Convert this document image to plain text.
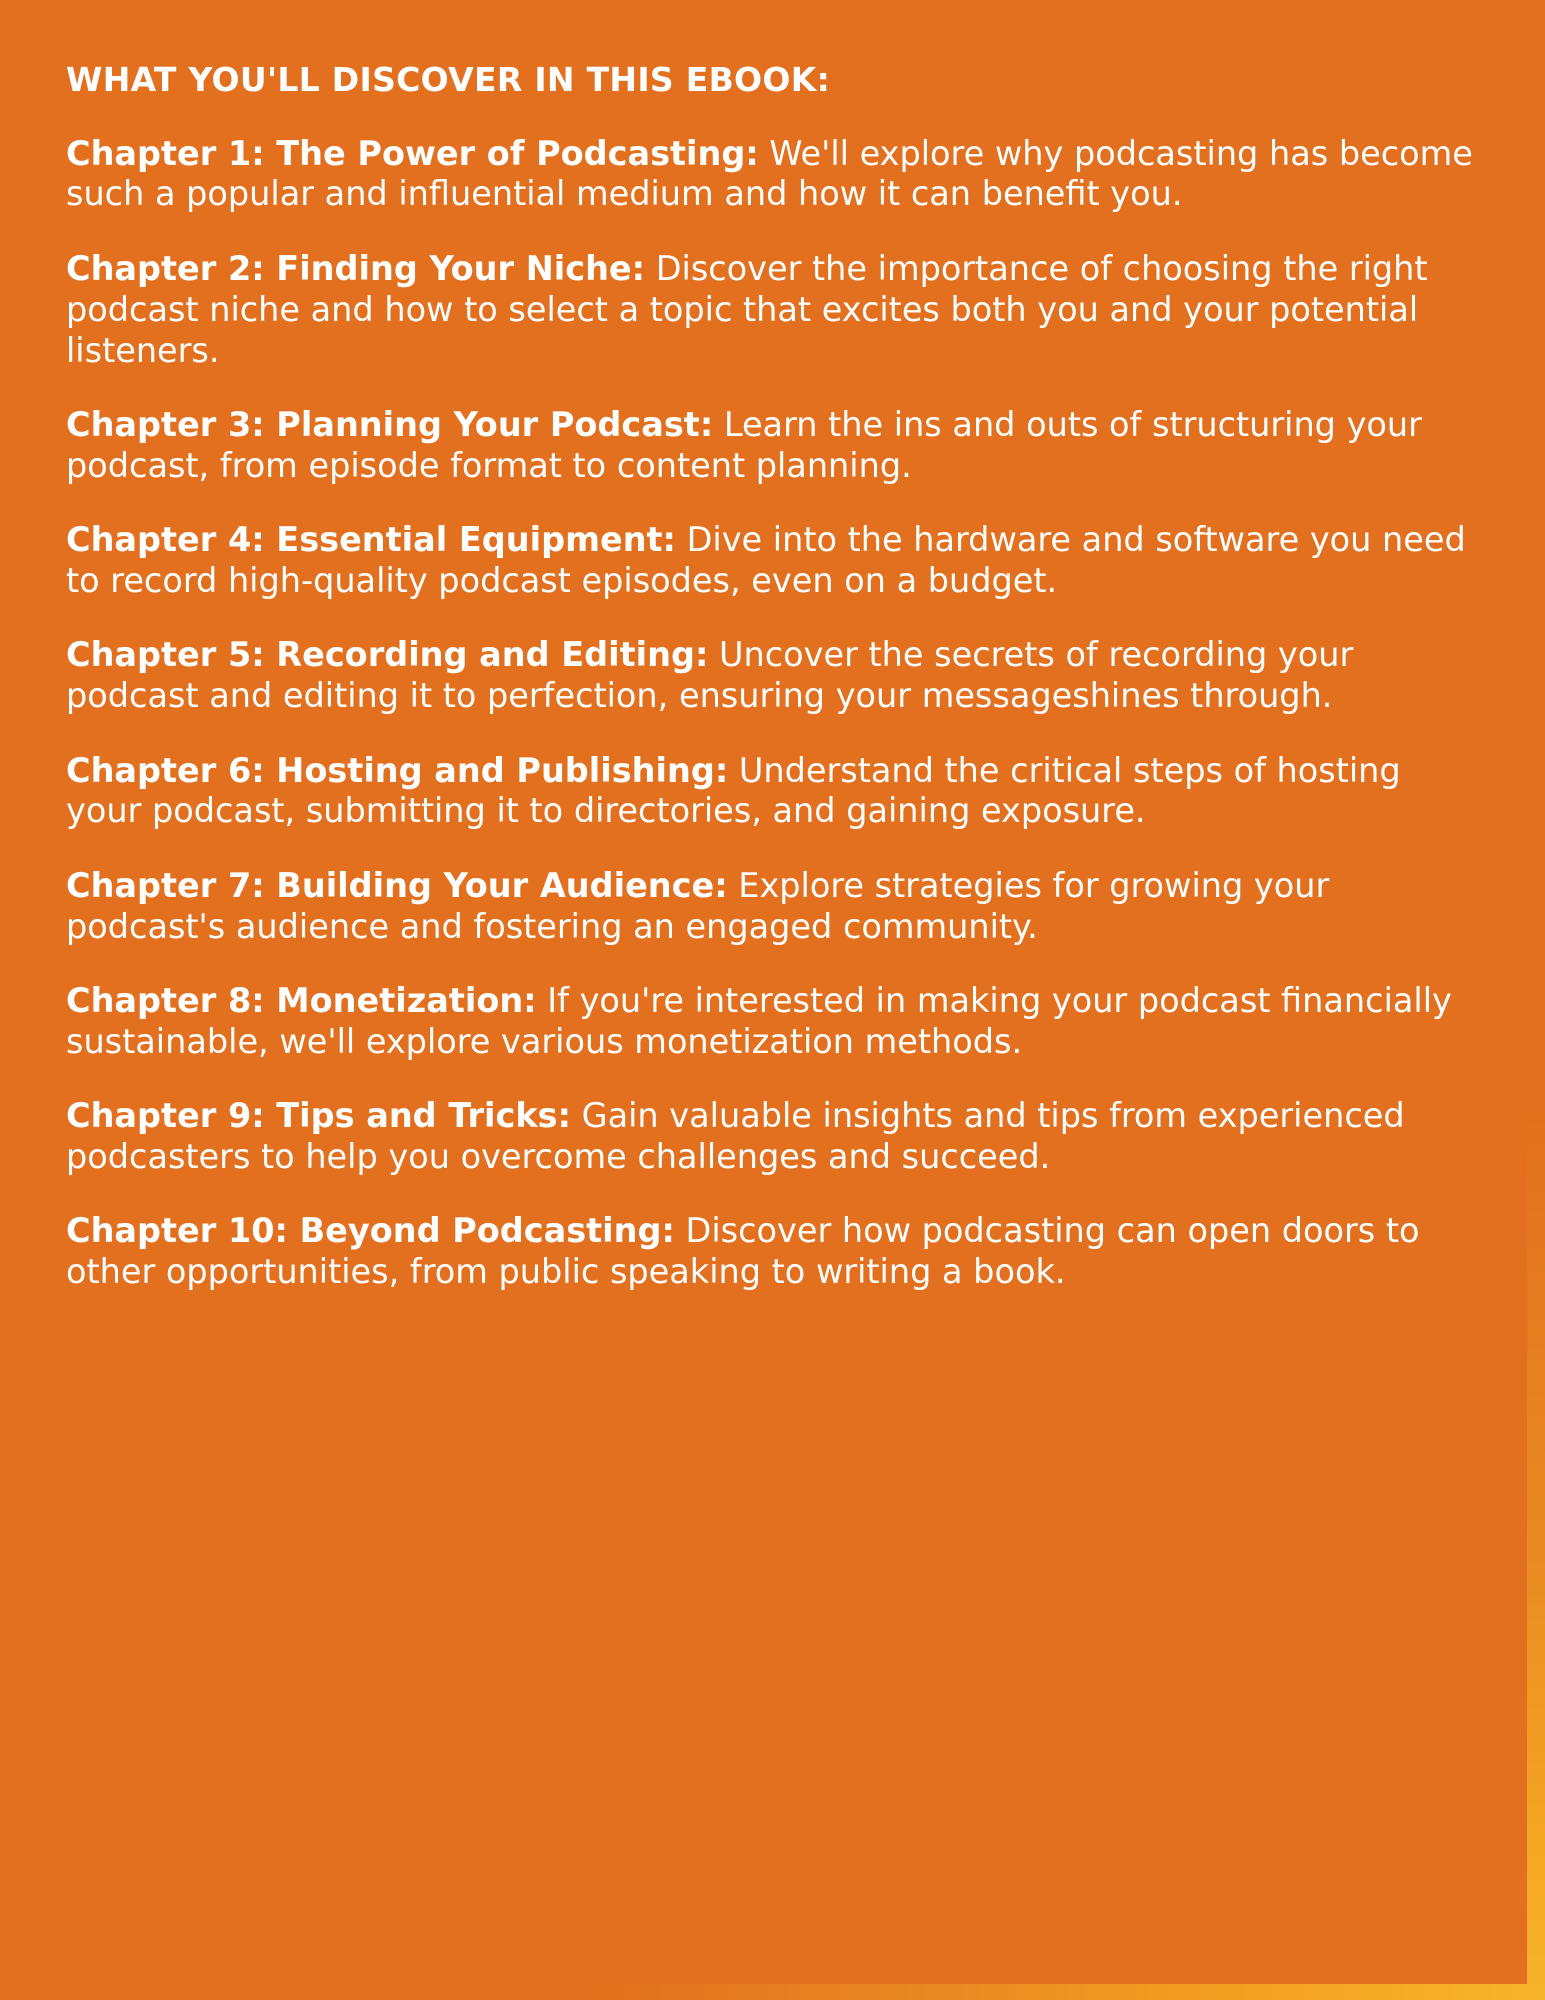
WHAT YOU'LL DISCOVER IN THIS EBOOK:

Chapter 1: The Power of Podcasting: We'll explore why podcasting has become such a popular and influential medium and how it can benefit you.

Chapter 2: Finding Your Niche: Discover the importance of choosing the right podcast niche and how to select a topic that excites both you and your potential listeners.

Chapter 3: Planning Your Podcast: Learn the ins and outs of structuring your podcast, from episode format to content planning.

Chapter 4: Essential Equipment: Dive into the hardware and software you need to record high-quality podcast episodes, even on a budget.

Chapter 5: Recording and Editing: Uncover the secrets of recording your podcast and editing it to perfection, ensuring your messageshines through.

Chapter 6: Hosting and Publishing: Understand the critical steps of hosting your podcast, submitting it to directories, and gaining exposure.

Chapter 7: Building Your Audience: Explore strategies for growing your podcast's audience and fostering an engaged community.

Chapter 8: Monetization: If you're interested in making your podcast financially sustainable, we'll explore various monetization methods.

Chapter 9: Tips and Tricks: Gain valuable insights and tips from experienced podcasters to help you overcome challenges and succeed.

Chapter 10: Beyond Podcasting: Discover how podcasting can open doors to other opportunities, from public speaking to writing a book.
